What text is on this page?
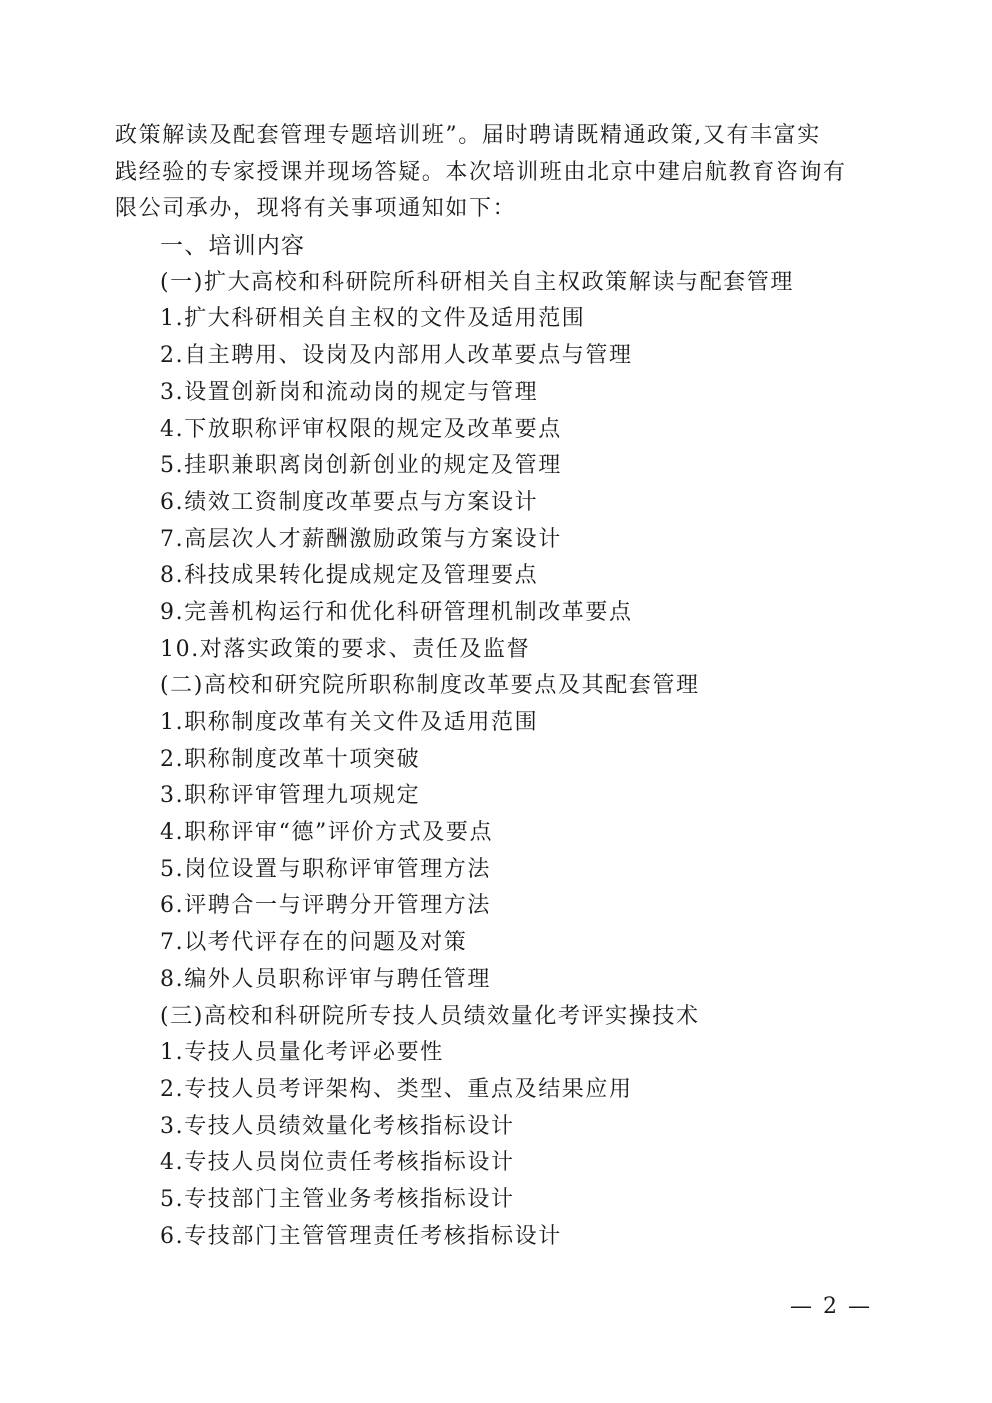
政策解读及配套管理专题培训班”。届时聘请既精通政策,又有丰富实
践经验的专家授课并现场答疑。本次培训班由北京中建启航教育咨询有
限公司承办，现将有关事项通知如下：
一、培训内容
(一)扩大高校和科研院所科研相关自主权政策解读与配套管理
1.扩大科研相关自主权的文件及适用范围
2.自主聘用、设岗及内部用人改革要点与管理
3.设置创新岗和流动岗的规定与管理
4.下放职称评审权限的规定及改革要点
5.挂职兼职离岗创新创业的规定及管理
6.绩效工资制度改革要点与方案设计
7.高层次人才薪酬激励政策与方案设计
8.科技成果转化提成规定及管理要点
9.完善机构运行和优化科研管理机制改革要点
10.对落实政策的要求、责任及监督
(二)高校和研究院所职称制度改革要点及其配套管理
1.职称制度改革有关文件及适用范围
2.职称制度改革十项突破
3.职称评审管理九项规定
4.职称评审“德”评价方式及要点
5.岗位设置与职称评审管理方法
6.评聘合一与评聘分开管理方法
7.以考代评存在的问题及对策
8.编外人员职称评审与聘任管理
(三)高校和科研院所专技人员绩效量化考评实操技术
1.专技人员量化考评必要性
2.专技人员考评架构、类型、重点及结果应用
3.专技人员绩效量化考核指标设计
4.专技人员岗位责任考核指标设计
5.专技部门主管业务考核指标设计
6.专技部门主管管理责任考核指标设计
— 2 —
